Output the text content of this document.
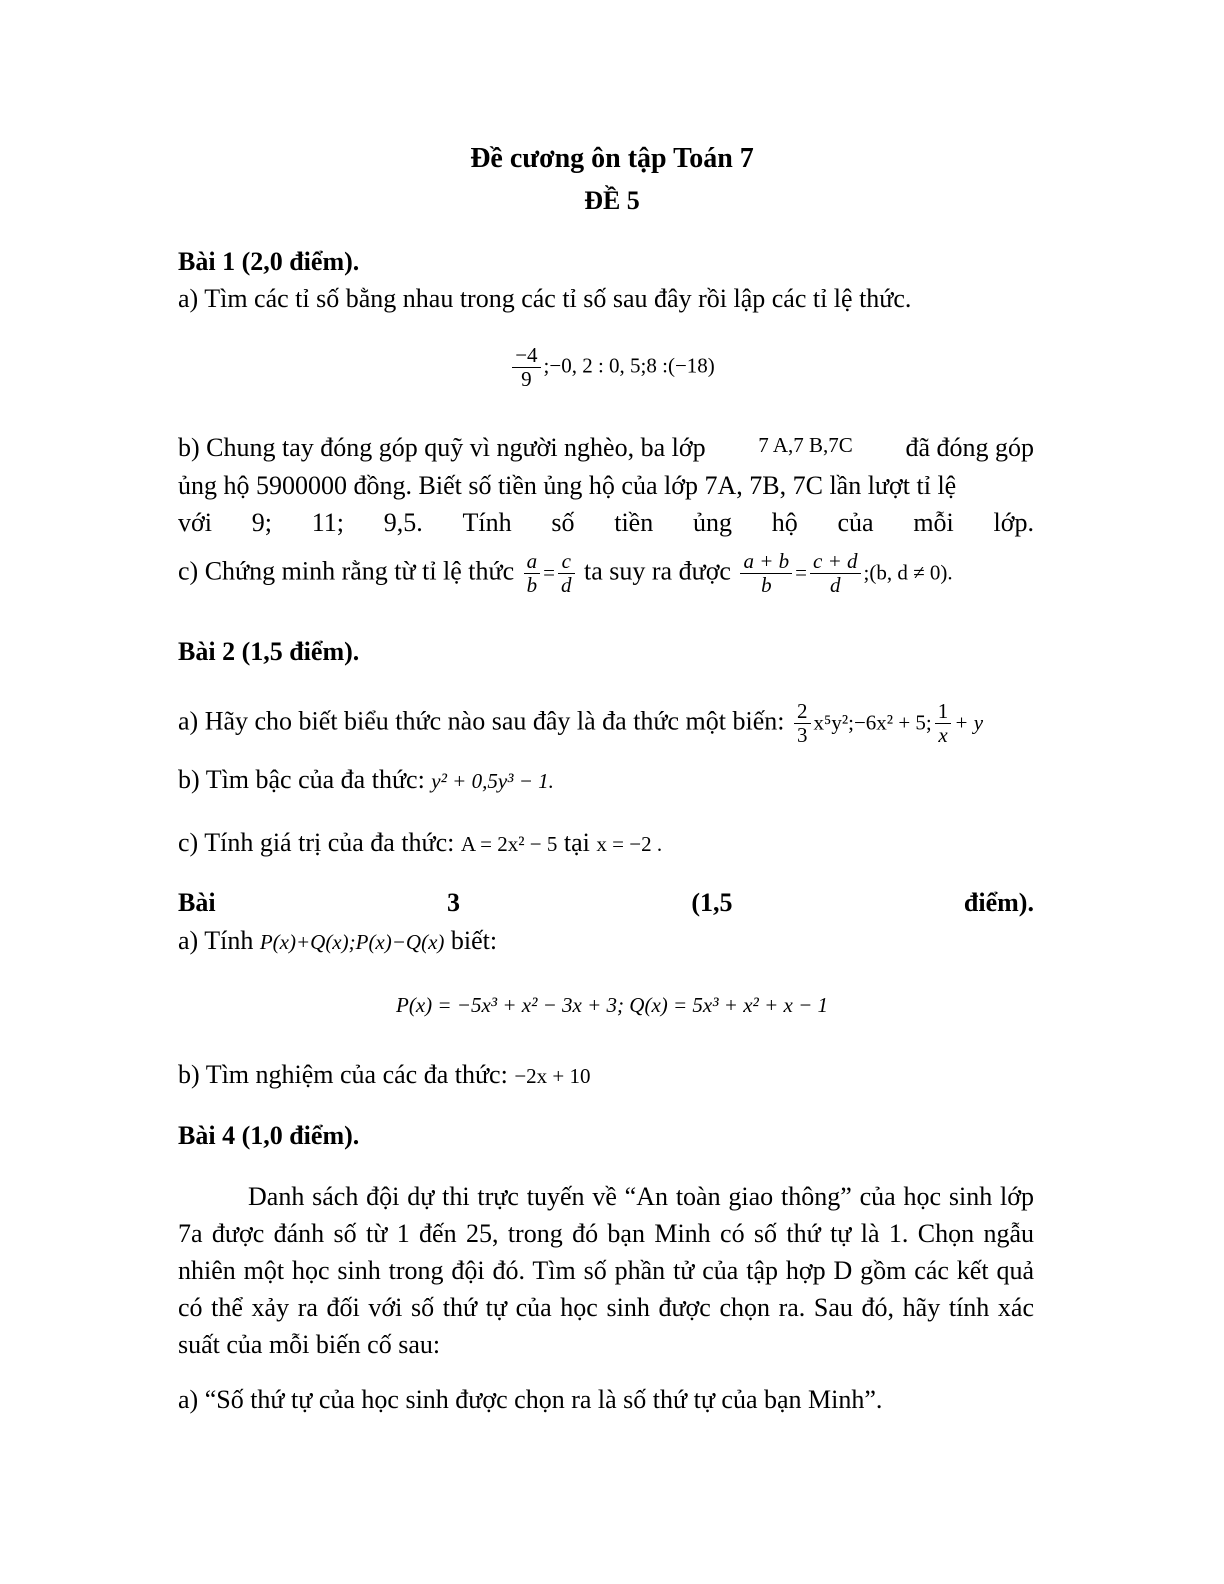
Đề cương ôn tập Toán 7
ĐỀ 5
Bài 1 (2,0 điểm).
a) Tìm các tỉ số bằng nhau trong các tỉ số sau đây rồi lập các tỉ lệ thức.
$\frac{-4}{9}$ ;−0, 2 : 0, 5;8 :(−18)
b) Chung tay đóng góp quỹ vì người nghèo, ba lớp	7 A,7 B,7C đã đóng góp
ủng hộ 5900000 đồng. Biết số tiền ủng hộ của lớp 7A, 7B, 7C lần lượt tỉ lệ
với 9; 11; 9,5. Tính số tiền ủng hộ của mỗi lớp.
c) Chứng minh rằng từ tỉ lệ thức $\frac{a}{b} = \frac{c}{d}$ ta suy ra được $\frac{a + b}{b} = \frac{c + d}{d}$ ;(b, d ≠ 0).
Bài 2 (1,5 điểm).
a) Hãy cho biết biểu thức nào sau đây là đa thức một biến: $\frac{2}{3}$ x⁵y²;−6x² + 5; $\frac{1}{x} + y$
b) Tìm bậc của đa thức: y² + 0,5y³ − 1.
c) Tính giá trị của đa thức: A = 2x² − 5 tại x = −2 .
Bài	3	(1,5	điểm).
a) Tính P(x)+Q(x);P(x)−Q(x) biết:
P(x) = −5x³ + x² − 3x + 3; Q(x) = 5x³ + x² + x − 1
b) Tìm nghiệm của các đa thức: −2x + 10
Bài 4 (1,0 điểm).
Danh sách đội dự thi trực tuyến về “An toàn giao thông” của học sinh lớp 7a được đánh số từ 1 đến 25, trong đó bạn Minh có số thứ tự là 1. Chọn ngẫu nhiên một học sinh trong đội đó. Tìm số phần tử của tập hợp D gồm các kết quả có thể xảy ra đối với số thứ tự của học sinh được chọn ra. Sau đó, hãy tính xác suất của mỗi biến cố sau:
a) “Số thứ tự của học sinh được chọn ra là số thứ tự của bạn Minh”.
